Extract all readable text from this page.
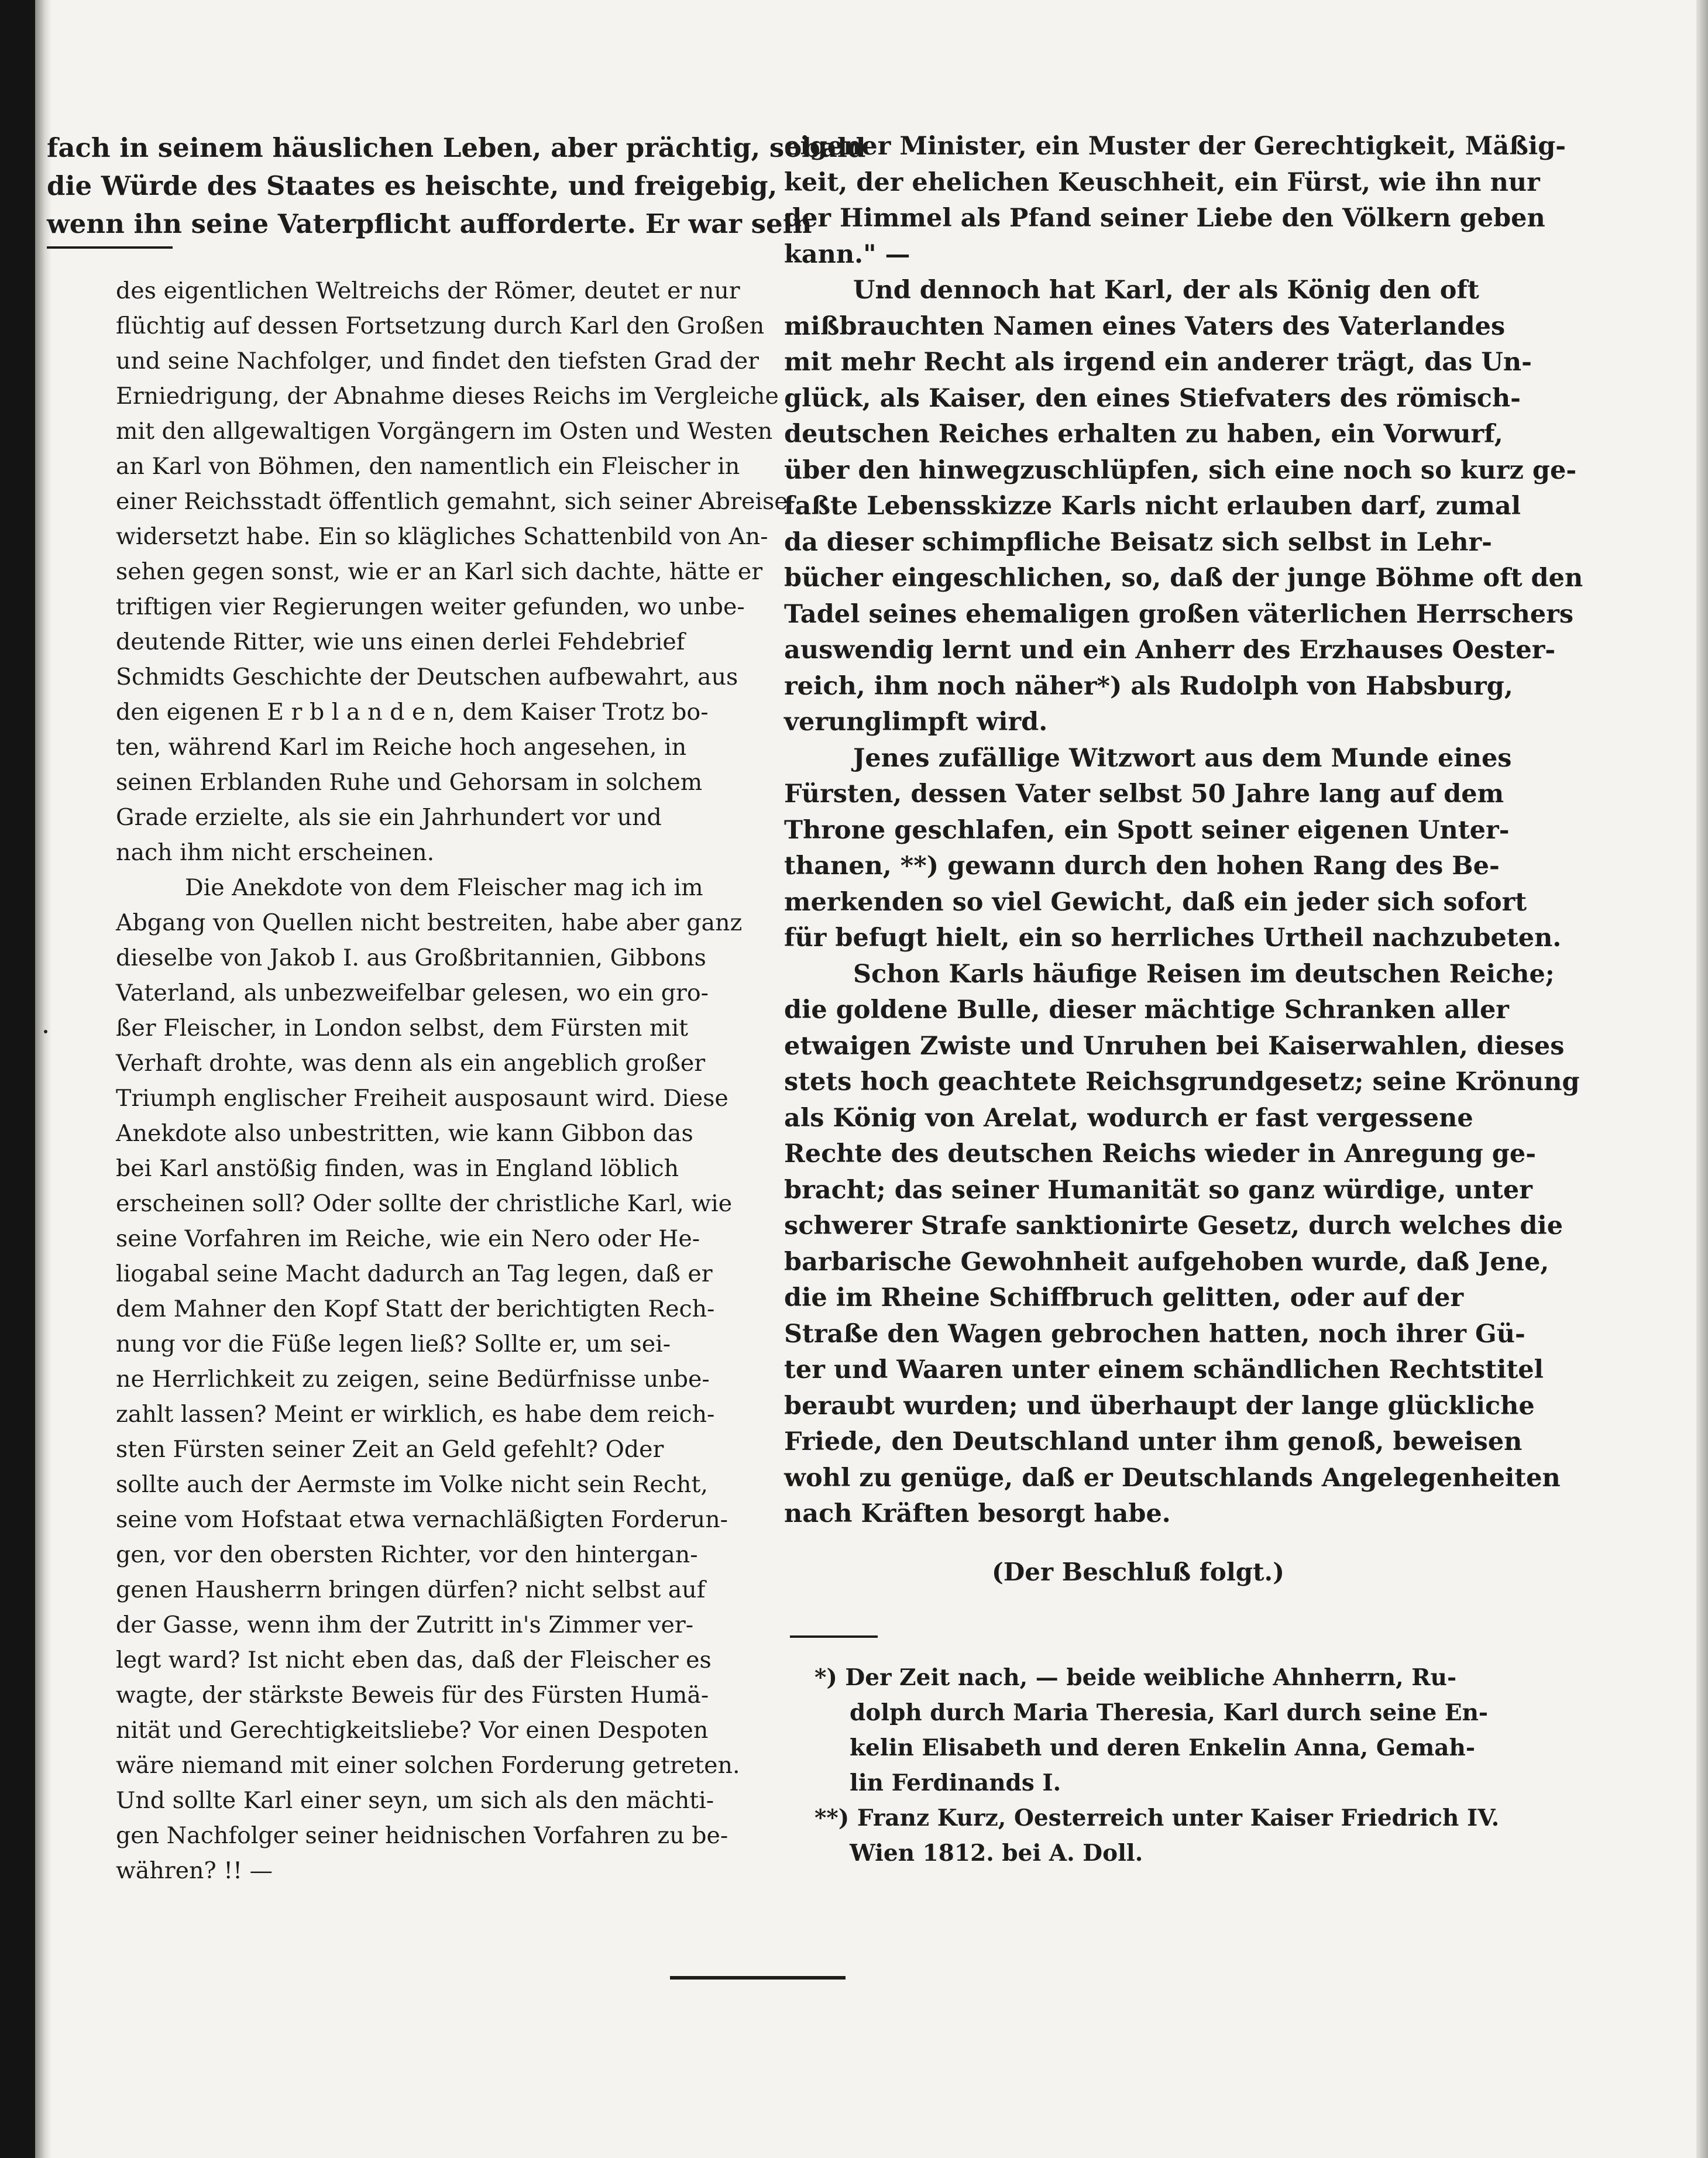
fach in seinem häuslichen Leben, aber prächtig, sobald

die Würde des Staates es heischte, und freigebig,

wenn ihn seine Vaterpflicht aufforderte. Er war sein

des eigentlichen Weltreichs der Römer, deutet er nur

flüchtig auf dessen Fortsetzung durch Karl den Großen

und seine Nachfolger, und findet den tiefsten Grad der

Erniedrigung, der Abnahme dieses Reichs im Vergleiche

mit den allgewaltigen Vorgängern im Osten und Westen

an Karl von Böhmen, den namentlich ein Fleischer in

einer Reichsstadt öffentlich gemahnt, sich seiner Abreise

widersetzt habe. Ein so klägliches Schattenbild von An-

sehen gegen sonst, wie er an Karl sich dachte, hätte er

triftigen vier Regierungen weiter gefunden, wo unbe-

deutende Ritter, wie uns einen derlei Fehdebrief

Schmidts Geschichte der Deutschen aufbewahrt, aus

den eigenen E r b l a n d e n, dem Kaiser Trotz bo-

ten, während Karl im Reiche hoch angesehen, in

seinen Erblanden Ruhe und Gehorsam in solchem

Grade erzielte, als sie ein Jahrhundert vor und

nach ihm nicht erscheinen.

Die Anekdote von dem Fleischer mag ich im

Abgang von Quellen nicht bestreiten, habe aber ganz

dieselbe von Jakob I. aus Großbritannien, Gibbons

Vaterland, als unbezweifelbar gelesen, wo ein gro-

ßer Fleischer, in London selbst, dem Fürsten mit

Verhaft drohte, was denn als ein angeblich großer

Triumph englischer Freiheit ausposaunt wird. Diese

Anekdote also unbestritten, wie kann Gibbon das

bei Karl anstößig finden, was in England löblich

erscheinen soll? Oder sollte der christliche Karl, wie

seine Vorfahren im Reiche, wie ein Nero oder He-

liogabal seine Macht dadurch an Tag legen, daß er

dem Mahner den Kopf Statt der berichtigten Rech-

nung vor die Füße legen ließ? Sollte er, um sei-

ne Herrlichkeit zu zeigen, seine Bedürfnisse unbe-

zahlt lassen? Meint er wirklich, es habe dem reich-

sten Fürsten seiner Zeit an Geld gefehlt? Oder

sollte auch der Aermste im Volke nicht sein Recht,

seine vom Hofstaat etwa vernachläßigten Forderun-

gen, vor den obersten Richter, vor den hintergan-

genen Hausherrn bringen dürfen? nicht selbst auf

der Gasse, wenn ihm der Zutritt in's Zimmer ver-

legt ward? Ist nicht eben das, daß der Fleischer es

wagte, der stärkste Beweis für des Fürsten Humä-

nität und Gerechtigkeitsliebe? Vor einen Despoten

wäre niemand mit einer solchen Forderung getreten.

Und sollte Karl einer seyn, um sich als den mächti-

gen Nachfolger seiner heidnischen Vorfahren zu be-

währen? !! —

eigener Minister, ein Muster der Gerechtigkeit, Mäßig-

keit, der ehelichen Keuschheit, ein Fürst, wie ihn nur

der Himmel als Pfand seiner Liebe den Völkern geben

kann." —

Und dennoch hat Karl, der als König den oft

mißbrauchten Namen eines Vaters des Vaterlandes

mit mehr Recht als irgend ein anderer trägt, das Un-

glück, als Kaiser, den eines Stiefvaters des römisch-

deutschen Reiches erhalten zu haben, ein Vorwurf,

über den hinwegzuschlüpfen, sich eine noch so kurz ge-

faßte Lebensskizze Karls nicht erlauben darf, zumal

da dieser schimpfliche Beisatz sich selbst in Lehr-

bücher eingeschlichen, so, daß der junge Böhme oft den

Tadel seines ehemaligen großen väterlichen Herrschers

auswendig lernt und ein Anherr des Erzhauses Oester-

reich, ihm noch näher*) als Rudolph von Habsburg,

verunglimpft wird.

Jenes zufällige Witzwort aus dem Munde eines

Fürsten, dessen Vater selbst 50 Jahre lang auf dem

Throne geschlafen, ein Spott seiner eigenen Unter-

thanen, **) gewann durch den hohen Rang des Be-

merkenden so viel Gewicht, daß ein jeder sich sofort

für befugt hielt, ein so herrliches Urtheil nachzubeten.

Schon Karls häufige Reisen im deutschen Reiche;

die goldene Bulle, dieser mächtige Schranken aller

etwaigen Zwiste und Unruhen bei Kaiserwahlen, dieses

stets hoch geachtete Reichsgrundgesetz; seine Krönung

als König von Arelat, wodurch er fast vergessene

Rechte des deutschen Reichs wieder in Anregung ge-

bracht; das seiner Humanität so ganz würdige, unter

schwerer Strafe sanktionirte Gesetz, durch welches die

barbarische Gewohnheit aufgehoben wurde, daß Jene,

die im Rheine Schiffbruch gelitten, oder auf der

Straße den Wagen gebrochen hatten, noch ihrer Gü-

ter und Waaren unter einem schändlichen Rechtstitel

beraubt wurden; und überhaupt der lange glückliche

Friede, den Deutschland unter ihm genoß, beweisen

wohl zu genüge, daß er Deutschlands Angelegenheiten

nach Kräften besorgt habe.

(Der Beschluß folgt.)

*) Der Zeit nach, — beide weibliche Ahnherrn, Ru-

dolph durch Maria Theresia, Karl durch seine En-

kelin Elisabeth und deren Enkelin Anna, Gemah-

lin Ferdinands I.

**) Franz Kurz, Oesterreich unter Kaiser Friedrich IV.

Wien 1812. bei A. Doll.
